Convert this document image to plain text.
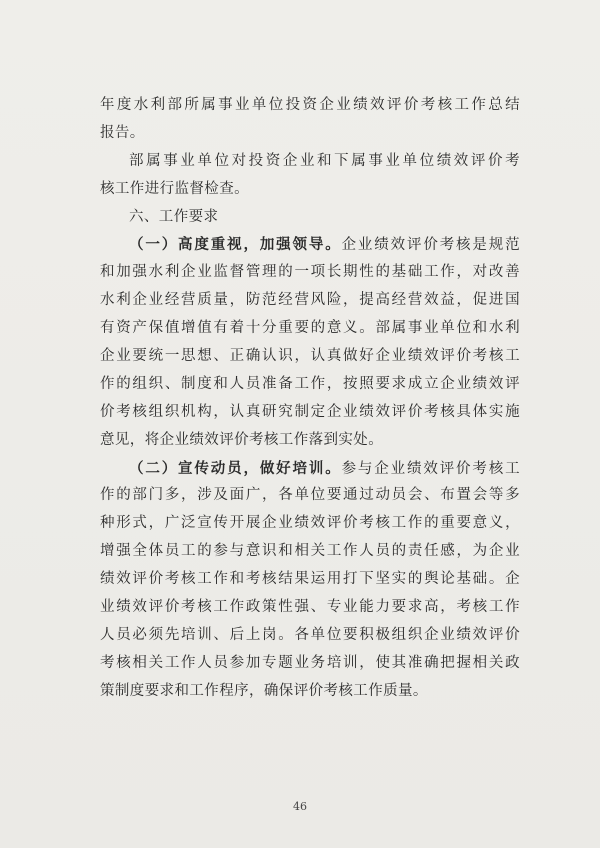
年度水利部所属事业单位投资企业绩效评价考核工作总结
报告。
部属事业单位对投资企业和下属事业单位绩效评价考
核工作进行监督检查。
六、工作要求
（一）高度重视，加强领导。企业绩效评价考核是规范
和加强水利企业监督管理的一项长期性的基础工作，对改善
水利企业经营质量，防范经营风险，提高经营效益，促进国
有资产保值增值有着十分重要的意义。部属事业单位和水利
企业要统一思想、正确认识，认真做好企业绩效评价考核工
作的组织、制度和人员准备工作，按照要求成立企业绩效评
价考核组织机构，认真研究制定企业绩效评价考核具体实施
意见，将企业绩效评价考核工作落到实处。
（二）宣传动员，做好培训。参与企业绩效评价考核工
作的部门多，涉及面广，各单位要通过动员会、布置会等多
种形式，广泛宣传开展企业绩效评价考核工作的重要意义，
增强全体员工的参与意识和相关工作人员的责任感，为企业
绩效评价考核工作和考核结果运用打下坚实的舆论基础。企
业绩效评价考核工作政策性强、专业能力要求高，考核工作
人员必须先培训、后上岗。各单位要积极组织企业绩效评价
考核相关工作人员参加专题业务培训，使其准确把握相关政
策制度要求和工作程序，确保评价考核工作质量。
46
